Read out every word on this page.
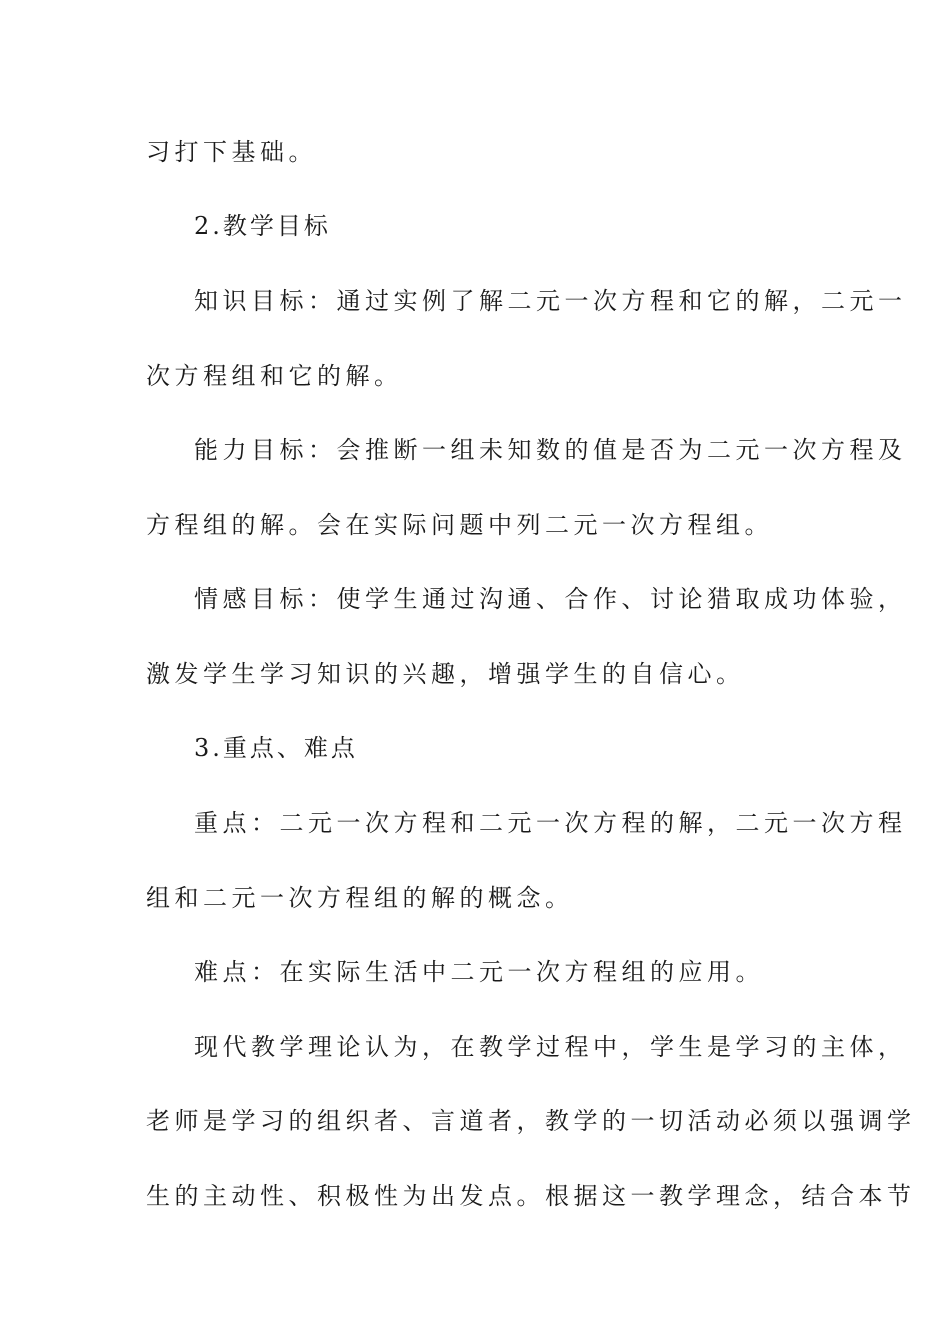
习打下基础。
2.教学目标
知识目标：通过实例了解二元一次方程和它的解，二元一
次方程组和它的解。
能力目标：会推断一组未知数的值是否为二元一次方程及
方程组的解。会在实际问题中列二元一次方程组。
情感目标：使学生通过沟通、合作、讨论猎取成功体验，
激发学生学习知识的兴趣，增强学生的自信心。
3.重点、难点
重点：二元一次方程和二元一次方程的解，二元一次方程
组和二元一次方程组的解的概念。
难点：在实际生活中二元一次方程组的应用。
现代教学理论认为，在教学过程中，学生是学习的主体，
老师是学习的组织者、言道者，教学的一切活动必须以强调学
生的主动性、积极性为出发点。根据这一教学理念，结合本节
